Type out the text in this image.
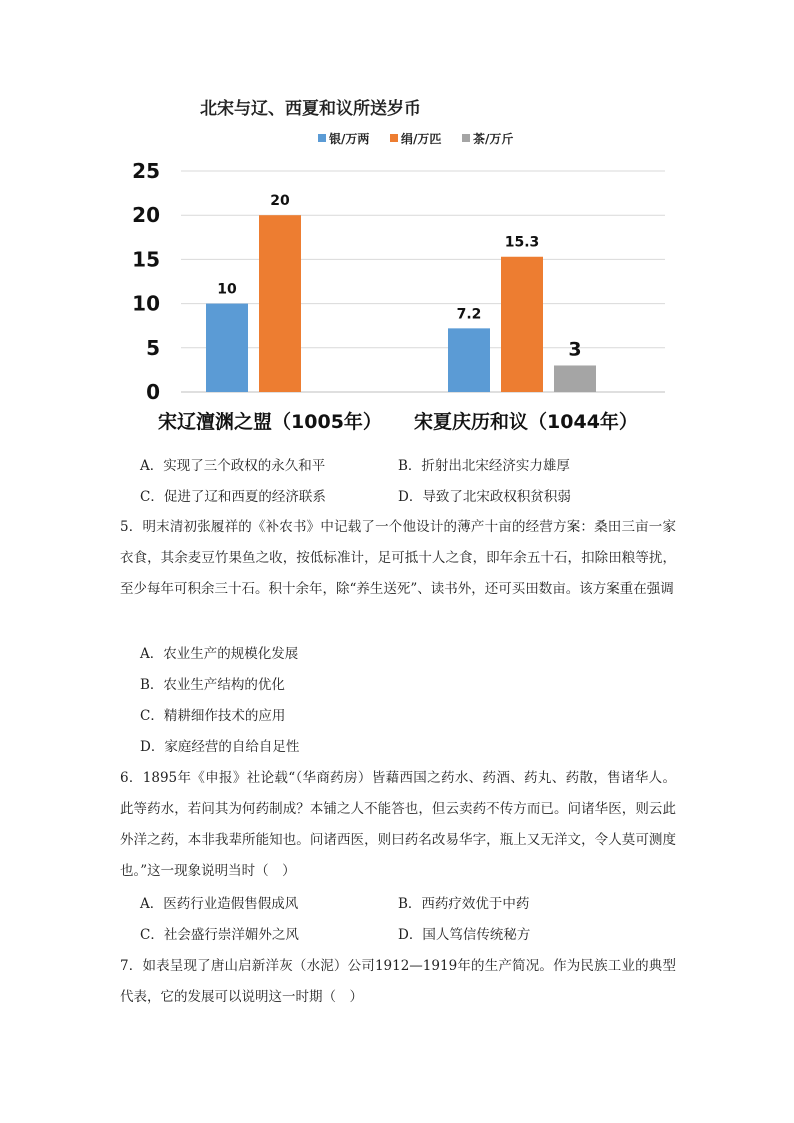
北宋与辽、西夏和议所送岁币
银/万两	绢/万匹	茶/万斤
0
5
10
15
20
25
10
20
7.2
15.3
3
宋辽澶渊之盟（1005年） 宋夏庆历和议（1044年）
A．实现了三个政权的永久和平	B．折射出北宋经济实力雄厚
C．促进了辽和西夏的经济联系	D．导致了北宋政权积贫积弱
5．明末清初张履祥的《补农书》中记载了一个他设计的薄产十亩的经营方案：桑田三亩一家衣食，其余麦豆竹果鱼之收，按低标准计，足可抵十人之食，即年余五十石，扣除田粮等扰，至少每年可积余三十石。积十余年，除“养生送死”、读书外，还可买田数亩。该方案重在强调
A．农业生产的规模化发展
B．农业生产结构的优化
C．精耕细作技术的应用
D．家庭经营的自给自足性
6．1895年《申报》社论载“（华商药房）皆藉西国之药水、药酒、药丸、药散，售诸华人。此等药水，若问其为何药制成？本铺之人不能答也，但云卖药不传方而已。问诸华医，则云此外洋之药，本非我辈所能知也。问诸西医，则曰药名改易华字，瓶上又无洋文，令人莫可测度也。”这一现象说明当时（　）
A．医药行业造假售假成风	B．西药疗效优于中药
C．社会盛行崇洋媚外之风	D．国人笃信传统秘方
7．如表呈现了唐山启新洋灰（水泥）公司1912—1919年的生产简况。作为民族工业的典型代表，它的发展可以说明这一时期（　）
